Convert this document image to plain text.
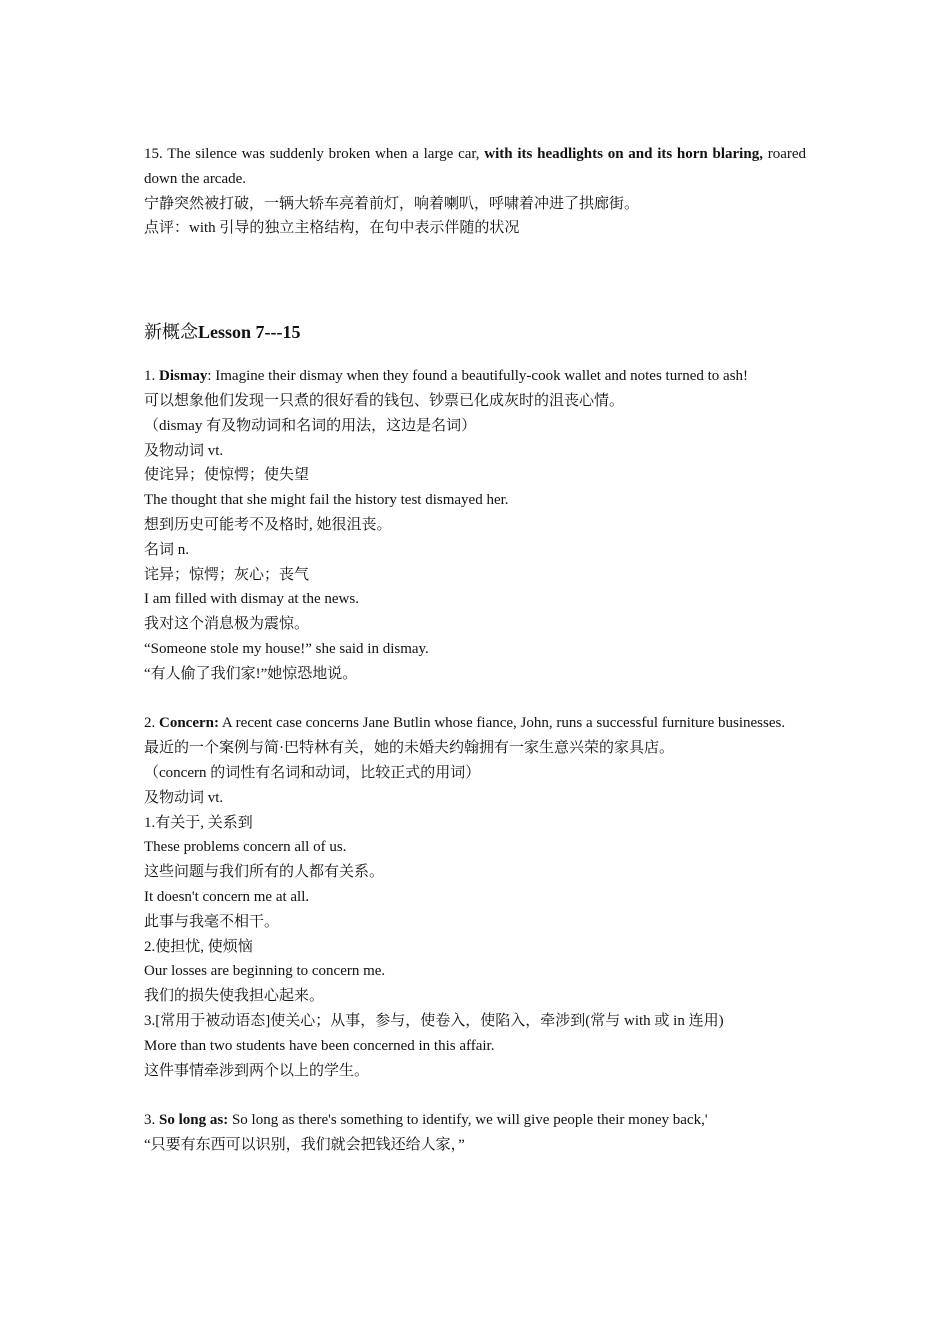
15. The silence was suddenly broken when a large car, with its headlights on and its horn blaring, roared down the arcade.
宁静突然被打破，一辆大轿车亮着前灯，响着喇叭，呼啸着冲进了拱廊街。
点评：with 引导的独立主格结构，在句中表示伴随的状况
新概念Lesson 7---15
1. Dismay: Imagine their dismay when they found a beautifully-cook wallet and notes turned to ash!
可以想象他们发现一只煮的很好看的钱包、钞票已化成灰时的沮丧心情。
（dismay 有及物动词和名词的用法，这边是名词）
及物动词 vt.
使诧异；使惊愕；使失望
The thought that she might fail the history test dismayed her.
想到历史可能考不及格时, 她很沮丧。
名词 n.
诧异；惊愕；灰心；丧气
I am filled with dismay at the news.
我对这个消息极为震惊。
“Someone stole my house!” she said in dismay.
“有人偷了我们家!”她惊恐地说。
2. Concern: A recent case concerns Jane Butlin whose fiance, John, runs a successful furniture businesses.
最近的一个案例与简·巴特林有关，她的未婚夫约翰拥有一家生意兴荣的家具店。
（concern 的词性有名词和动词，比较正式的用词）
及物动词 vt.
1.有关于, 关系到
These problems concern all of us.
这些问题与我们所有的人都有关系。
It doesn't concern me at all.
此事与我毫不相干。
2.使担忧, 使烦恼
Our losses are beginning to concern me.
我们的损失使我担心起来。
3.[常用于被动语态]使关心；从事，参与，使卷入，使陷入，牵涉到(常与 with 或 in 连用)
More than two students have been concerned in this affair.
这件事情牵涉到两个以上的学生。
3. So long as: So long as there's something to identify, we will give people their money back,'
“只要有东西可以识别，我们就会把钱还给人家，”
